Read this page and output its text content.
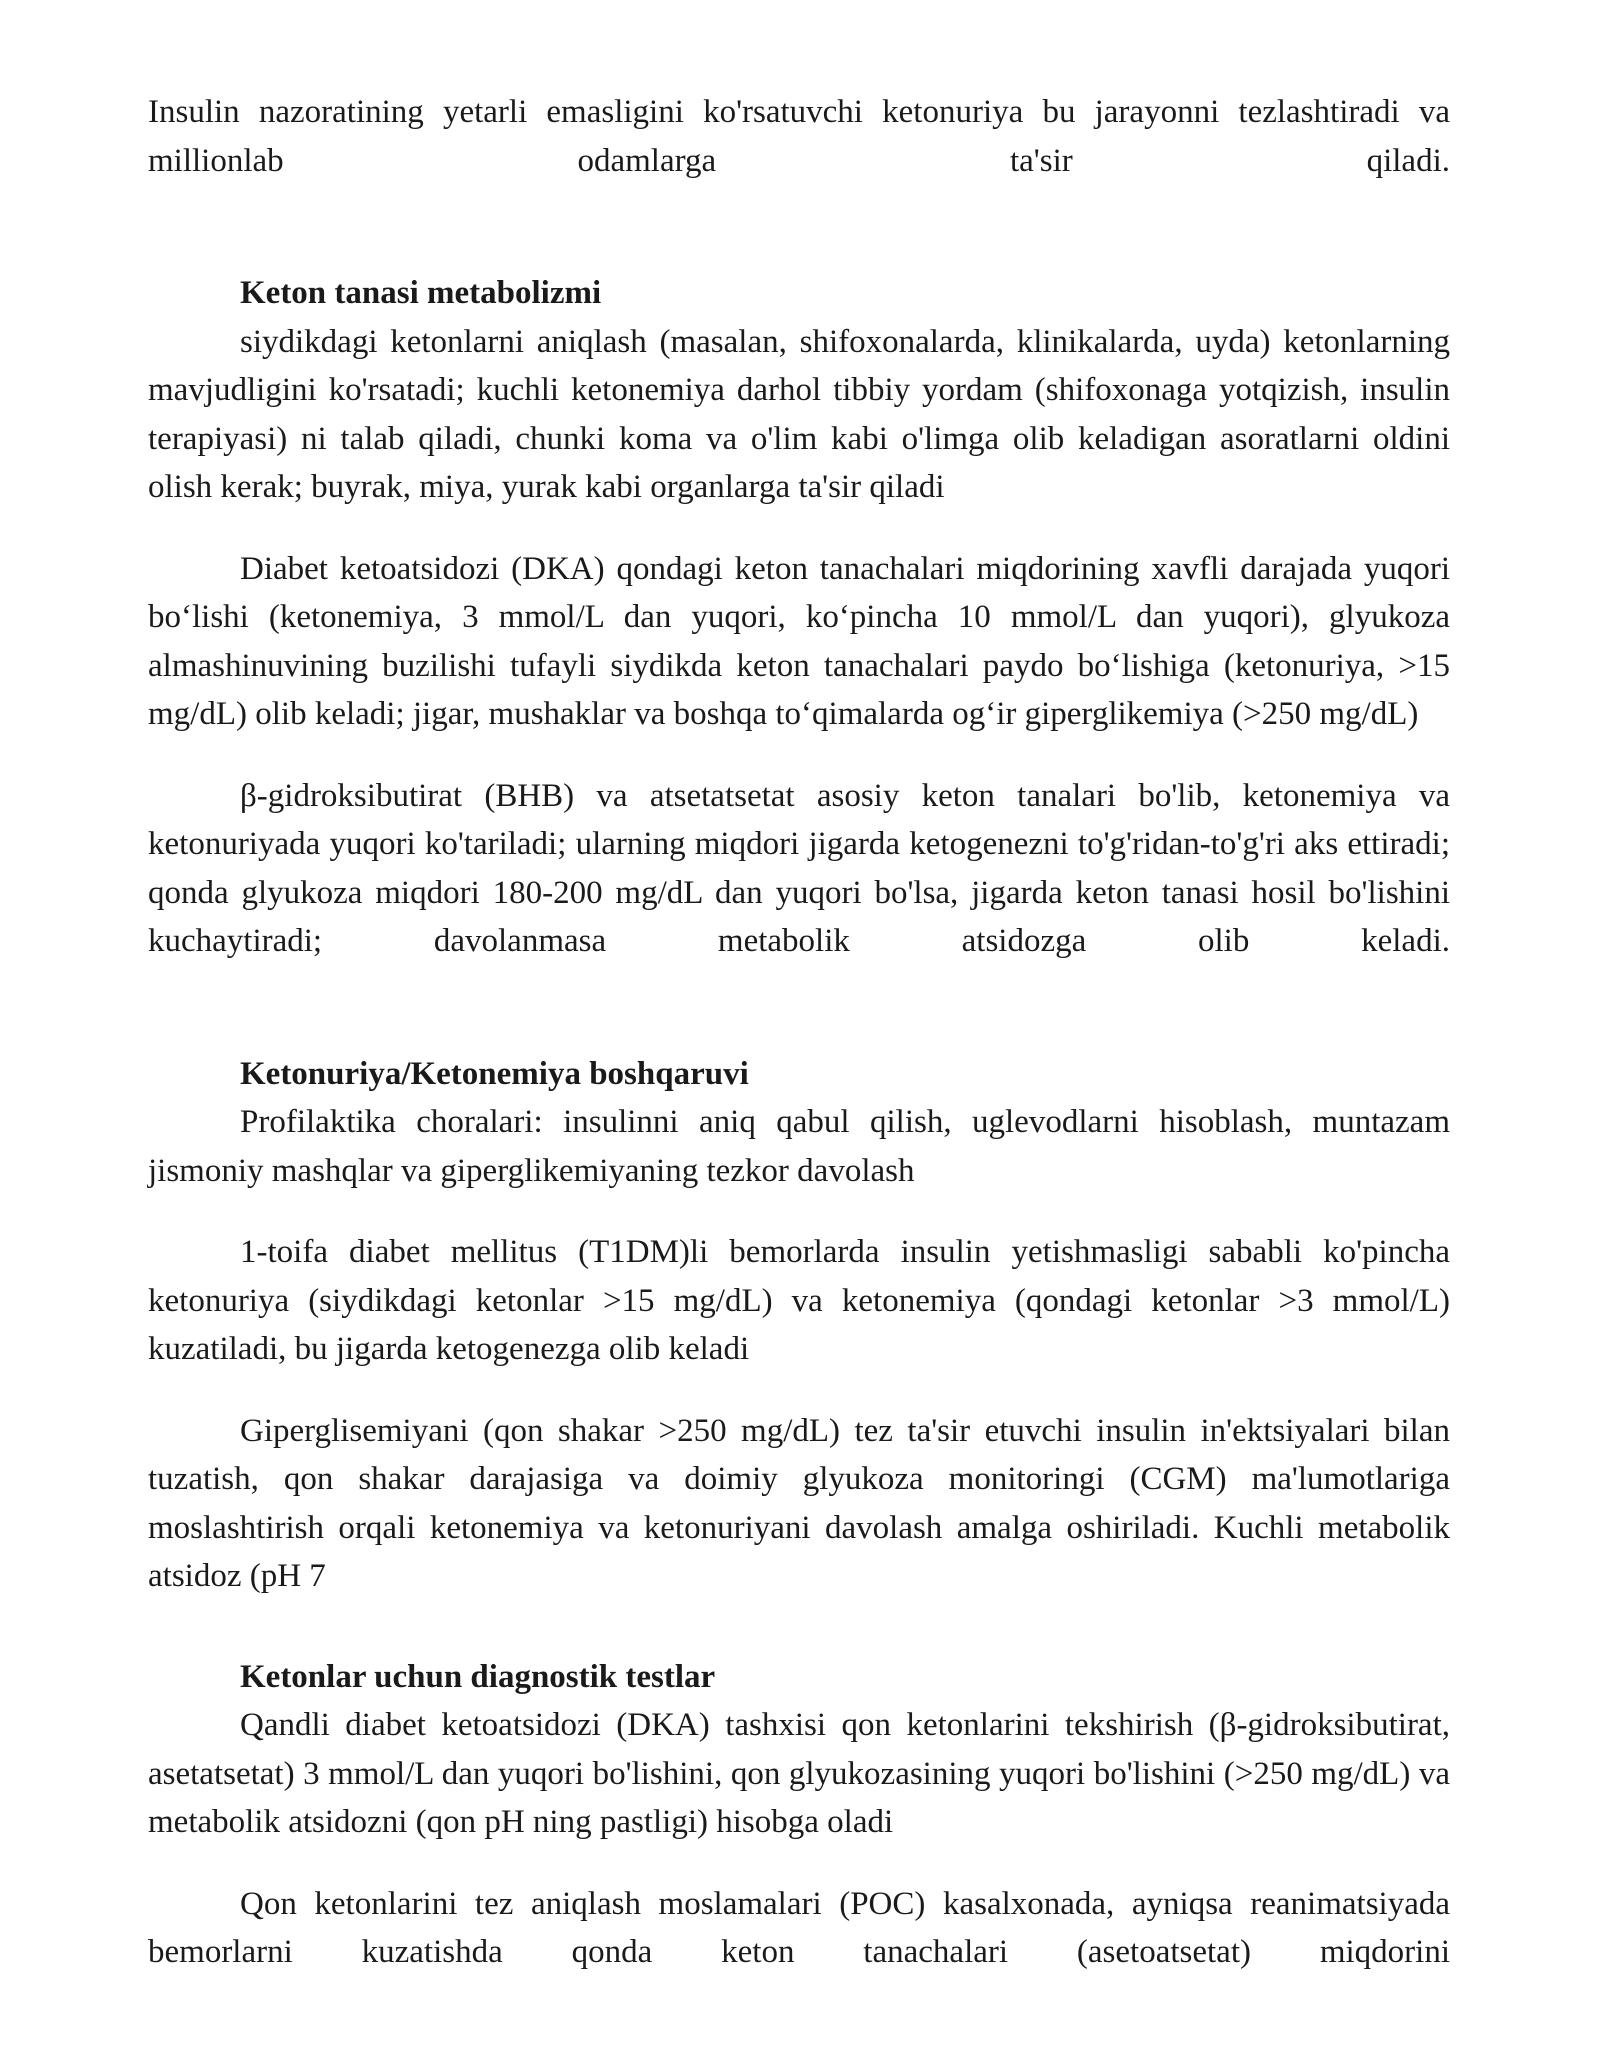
Insulin nazoratining yetarli emasligini ko'rsatuvchi ketonuriya bu jarayonni tezlashtiradi va millionlab odamlarga ta'sir qiladi.

Keton tanasi metabolizmi

siydikdagi ketonlarni aniqlash (masalan, shifoxonalarda, klinikalarda, uyda) ketonlarning mavjudligini ko'rsatadi; kuchli ketonemiya darhol tibbiy yordam (shifoxonaga yotqizish, insulin terapiyasi) ni talab qiladi, chunki koma va o'lim kabi o'limga olib keladigan asoratlarni oldini olish kerak; buyrak, miya, yurak kabi organlarga ta'sir qiladi

Diabet ketoatsidozi (DKA) qondagi keton tanachalari miqdorining xavfli darajada yuqori bo‘lishi (ketonemiya, 3 mmol/L dan yuqori, ko‘pincha 10 mmol/L dan yuqori), glyukoza almashinuvining buzilishi tufayli siydikda keton tanachalari paydo bo‘lishiga (ketonuriya, >15 mg/dL) olib keladi; jigar, mushaklar va boshqa to‘qimalarda og‘ir giperglikemiya (>250 mg/dL)

β-gidroksibutirat (BHB) va atsetatsetat asosiy keton tanalari bo'lib, ketonemiya va ketonuriyada yuqori ko'tariladi; ularning miqdori jigarda ketogenezni to'g'ridan-to'g'ri aks ettiradi; qonda glyukoza miqdori 180-200 mg/dL dan yuqori bo'lsa, jigarda keton tanasi hosil bo'lishini kuchaytiradi; davolanmasa metabolik atsidozga olib keladi.

Ketonuriya/Ketonemiya boshqaruvi

Profilaktika choralari: insulinni aniq qabul qilish, uglevodlarni hisoblash, muntazam jismoniy mashqlar va giperglikemiyaning tezkor davolash

1-toifa diabet mellitus (T1DM)li bemorlarda insulin yetishmasligi sababli ko'pincha ketonuriya (siydikdagi ketonlar >15 mg/dL) va ketonemiya (qondagi ketonlar >3 mmol/L) kuzatiladi, bu jigarda ketogenezga olib keladi

Giperglisemiyani (qon shakar >250 mg/dL) tez ta'sir etuvchi insulin in'ektsiyalari bilan tuzatish, qon shakar darajasiga va doimiy glyukoza monitoringi (CGM) ma'lumotlariga moslashtirish orqali ketonemiya va ketonuriyani davolash amalga oshiriladi. Kuchli metabolik atsidoz (pH 7

Ketonlar uchun diagnostik testlar

Qandli diabet ketoatsidozi (DKA) tashxisi qon ketonlarini tekshirish (β-gidroksibutirat, asetatsetat) 3 mmol/L dan yuqori bo'lishini, qon glyukozasining yuqori bo'lishini (>250 mg/dL) va metabolik atsidozni (qon pH ning pastligi) hisobga oladi

Qon ketonlarini tez aniqlash moslamalari (POC) kasalxonada, ayniqsa reanimatsiyada bemorlarni kuzatishda qonda keton tanachalari (asetoatsetat) miqdorini
